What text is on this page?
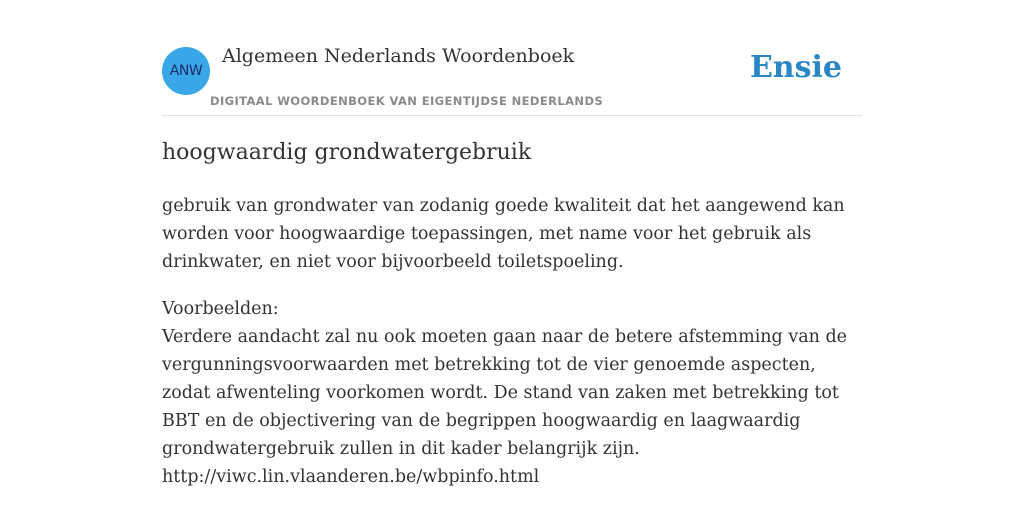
ANW
Algemeen Nederlands Woordenboek
DIGITAAL WOORDENBOEK VAN EIGENTIJDSE NEDERLANDS
Ensie
hoogwaardig grondwatergebruik
gebruik van grondwater van zodanig goede kwaliteit dat het aangewend kan worden voor hoogwaardige toepassingen, met name voor het gebruik als drinkwater, en niet voor bijvoorbeeld toiletspoeling.
Voorbeelden:
Verdere aandacht zal nu ook moeten gaan naar de betere afstemming van de vergunningsvoorwaarden met betrekking tot de vier genoemde aspecten, zodat afwenteling voorkomen wordt. De stand van zaken met betrekking tot BBT en de objectivering van de begrippen hoogwaardig en laagwaardig grondwatergebruik zullen in dit kader belangrijk zijn.
http://viwc.lin.vlaanderen.be/wbpinfo.html
